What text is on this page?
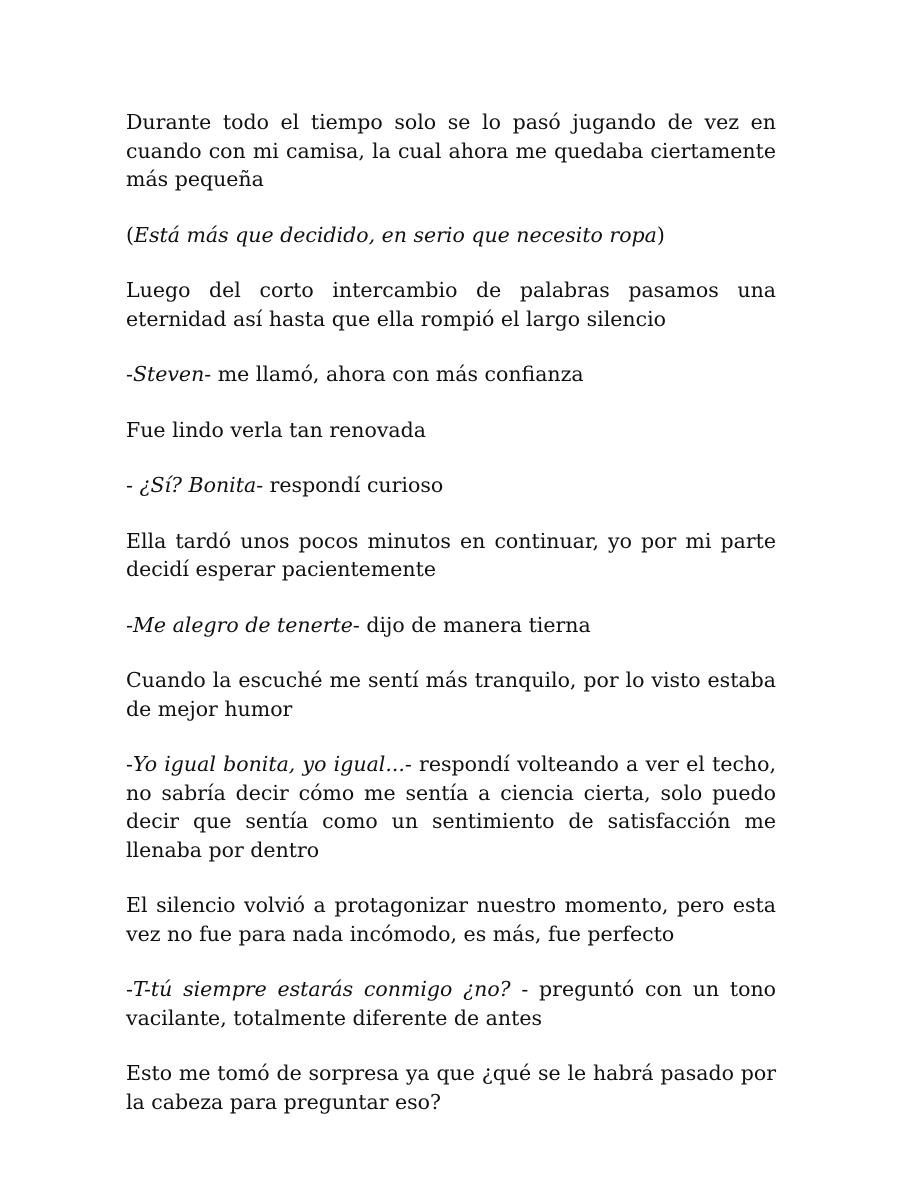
Durante todo el tiempo solo se lo pasó jugando de vez en cuando con mi camisa, la cual ahora me quedaba ciertamente más pequeña

(Está más que decidido, en serio que necesito ropa)

Luego del corto intercambio de palabras pasamos una eternidad así hasta que ella rompió el largo silencio

-Steven- me llamó, ahora con más confianza

Fue lindo verla tan renovada

- ¿Sí? Bonita- respondí curioso

Ella tardó unos pocos minutos en continuar, yo por mi parte decidí esperar pacientemente

-Me alegro de tenerte- dijo de manera tierna

Cuando la escuché me sentí más tranquilo, por lo visto estaba de mejor humor

-Yo igual bonita, yo igual...- respondí volteando a ver el techo, no sabría decir cómo me sentía a ciencia cierta, solo puedo decir que sentía como un sentimiento de satisfacción me llenaba por dentro

El silencio volvió a protagonizar nuestro momento, pero esta vez no fue para nada incómodo, es más, fue perfecto

-T-tú siempre estarás conmigo ¿no? - preguntó con un tono vacilante, totalmente diferente de antes

Esto me tomó de sorpresa ya que ¿qué se le habrá pasado por la cabeza para preguntar eso?
